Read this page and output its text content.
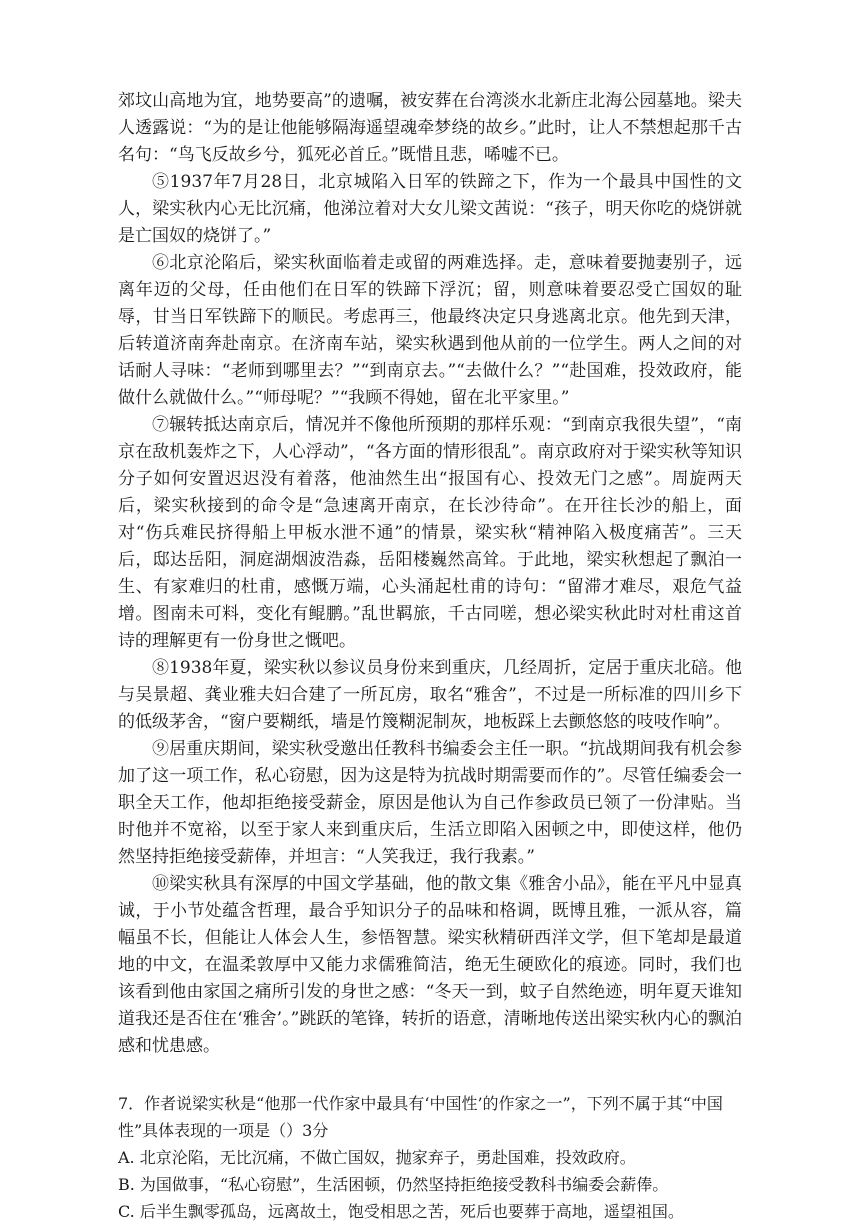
郊坟山高地为宜，地势要高”的遗嘱，被安葬在台湾淡水北新庄北海公园墓地。梁夫人透露说：“为的是让他能够隔海遥望魂牵梦绕的故乡。”此时，让人不禁想起那千古名句：“鸟飞反故乡兮，狐死必首丘。”既惜且悲，唏嘘不已。

⑤1937年7月28日，北京城陷入日军的铁蹄之下，作为一个最具中国性的文人，梁实秋内心无比沉痛，他涕泣着对大女儿梁文茜说：“孩子，明天你吃的烧饼就是亡国奴的烧饼了。”

⑥北京沦陷后，梁实秋面临着走或留的两难选择。走，意味着要抛妻别子，远离年迈的父母，任由他们在日军的铁蹄下浮沉；留，则意味着要忍受亡国奴的耻辱，甘当日军铁蹄下的顺民。考虑再三，他最终决定只身逃离北京。他先到天津，后转道济南奔赴南京。在济南车站，梁实秋遇到他从前的一位学生。两人之间的对话耐人寻味：“老师到哪里去？”“到南京去。”“去做什么？”“赴国难，投效政府，能做什么就做什么。”“师母呢？”“我顾不得她，留在北平家里。”

⑦辗转抵达南京后，情况并不像他所预期的那样乐观：“到南京我很失望”，“南京在敌机轰炸之下，人心浮动”，“各方面的情形很乱”。南京政府对于梁实秋等知识分子如何安置迟迟没有着落，他油然生出“报国有心、投效无门之感”。周旋两天后，梁实秋接到的命令是“急速离开南京，在长沙待命”。在开往长沙的船上，面对“伤兵难民挤得船上甲板水泄不通”的情景，梁实秋“精神陷入极度痛苦”。三天后，邸达岳阳，洞庭湖烟波浩淼，岳阳楼巍然高耸。于此地，梁实秋想起了飘泊一生、有家难归的杜甫，感慨万端，心头涌起杜甫的诗句：“留滞才难尽，艰危气益增。图南未可料，变化有鲲鹏。”乱世羁旅，千古同嗟，想必梁实秋此时对杜甫这首诗的理解更有一份身世之慨吧。

⑧1938年夏，梁实秋以参议员身份来到重庆，几经周折，定居于重庆北碚。他与吴景超、龚业雅夫妇合建了一所瓦房，取名“雅舍”，不过是一所标准的四川乡下的低级茅舍，“窗户要糊纸，墙是竹篾糊泥制灰，地板踩上去颤悠悠的吱吱作响”。

⑨居重庆期间，梁实秋受邀出任教科书编委会主任一职。“抗战期间我有机会参加了这一项工作，私心窃慰，因为这是特为抗战时期需要而作的”。尽管任编委会一职全天工作，他却拒绝接受薪金，原因是他认为自己作参政员已领了一份津贴。当时他并不宽裕，以至于家人来到重庆后，生活立即陷入困顿之中，即使这样，他仍然坚持拒绝接受薪俸，并坦言：“人笑我迂，我行我素。”

⑩梁实秋具有深厚的中国文学基础，他的散文集《雅舍小品》，能在平凡中显真诚，于小节处蕴含哲理，最合乎知识分子的品味和格调，既博且雅，一派从容，篇幅虽不长，但能让人体会人生，参悟智慧。梁实秋精研西洋文学，但下笔却是最道地的中文，在温柔敦厚中又能力求儒雅简洁，绝无生硬欧化的痕迹。同时，我们也该看到他由家国之痛所引发的身世之感：“冬天一到，蚊子自然绝迹，明年夏天谁知道我还是否住在‘雅舍’。”跳跃的笔锋，转折的语意，清晰地传送出梁实秋内心的飘泊感和忧患感。

7．作者说梁实秋是“他那一代作家中最具有‘中国性’的作家之一”，下列不属于其“中国性”具体表现的一项是（）3分

A. 北京沦陷，无比沉痛，不做亡国奴，抛家弃子，勇赴国难，投效政府。

B. 为国做事，“私心窃慰”，生活困顿，仍然坚持拒绝接受教科书编委会薪俸。

C. 后半生飘零孤岛，远离故土，饱受相思之苦，死后也要葬于高地，遥望祖国。
